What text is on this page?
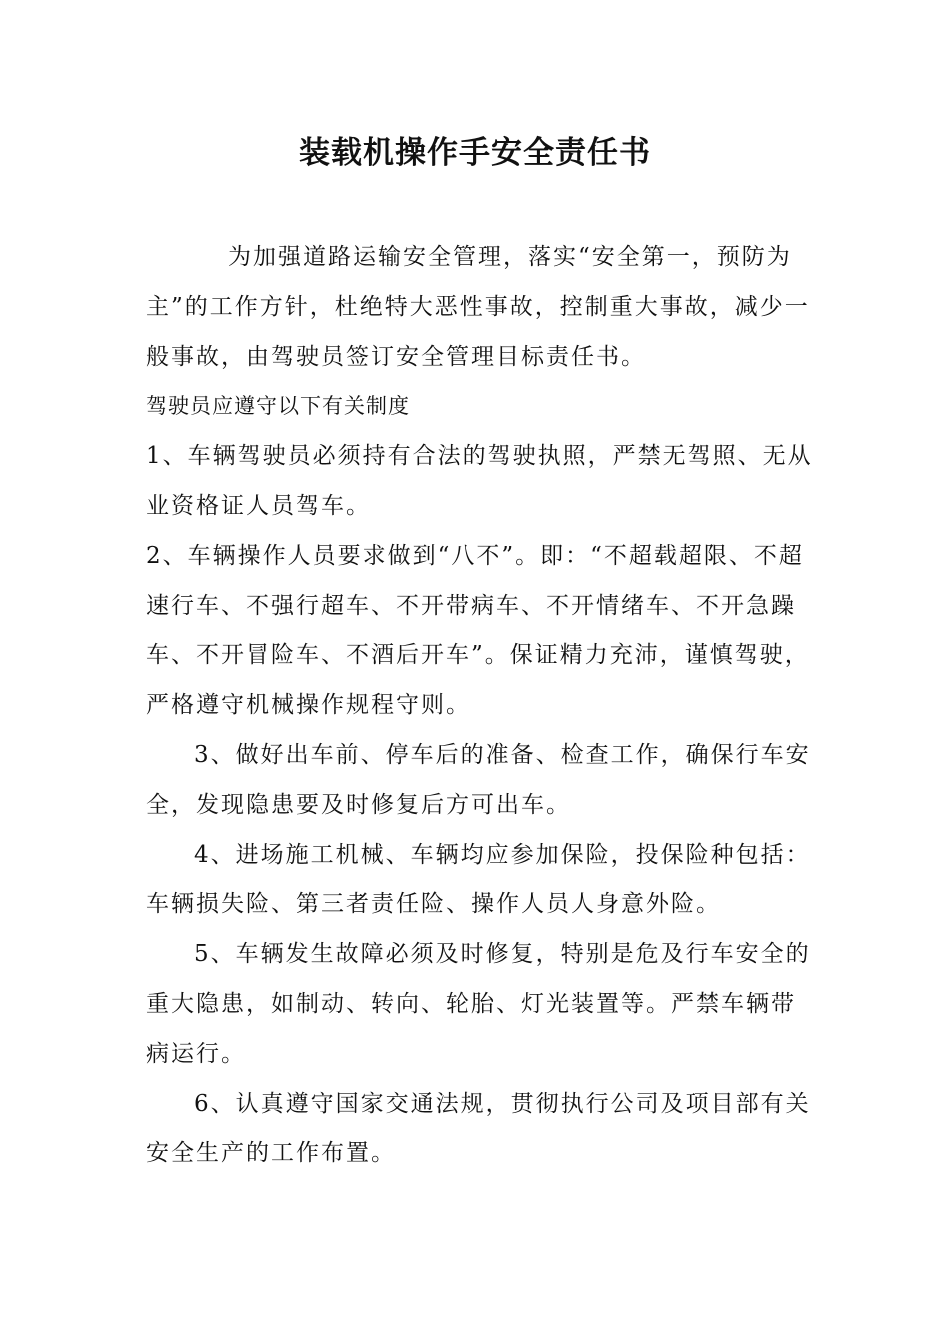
装载机操作手安全责任书

为加强道路运输安全管理，落实“安全第一，预防为主”的工作方针，杜绝特大恶性事故，控制重大事故，减少一般事故，由驾驶员签订安全管理目标责任书。

驾驶员应遵守以下有关制度

1、车辆驾驶员必须持有合法的驾驶执照，严禁无驾照、无从业资格证人员驾车。

2、车辆操作人员要求做到“八不”。即：“不超载超限、不超速行车、不强行超车、不开带病车、不开情绪车、不开急躁车、不开冒险车、不酒后开车”。保证精力充沛，谨慎驾驶，严格遵守机械操作规程守则。

3、做好出车前、停车后的准备、检查工作，确保行车安全，发现隐患要及时修复后方可出车。

4、进场施工机械、车辆均应参加保险，投保险种包括：车辆损失险、第三者责任险、操作人员人身意外险。

5、车辆发生故障必须及时修复，特别是危及行车安全的重大隐患，如制动、转向、轮胎、灯光装置等。严禁车辆带病运行。

6、认真遵守国家交通法规，贯彻执行公司及项目部有关安全生产的工作布置。
